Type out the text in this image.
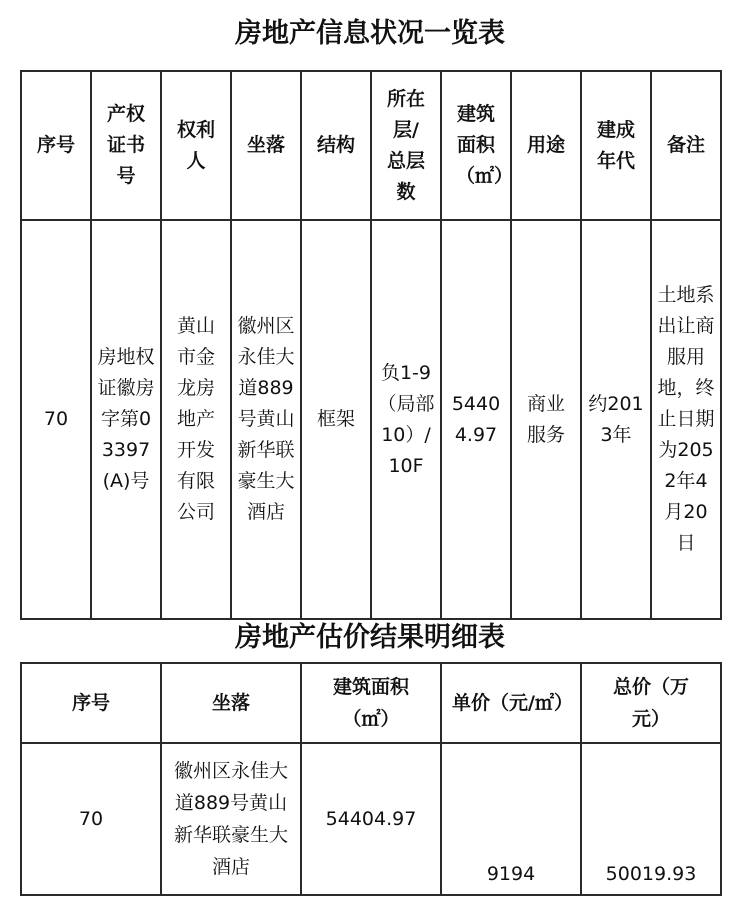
房地产信息状况一览表
序号	产权证书号	权利人	坐落	结构	所在层/总层数	建筑面积（㎡）	用途	建成年代	备注

70	房地权证徽房字第03397(A)号	黄山市金龙房地产开发有限公司	徽州区永佳大道889号黄山新华联豪生大酒店	框架	负1-9（局部10）/10F	54404.97	商业服务	约2013年	土地系出让商服用地，终止日期为2052年4月20日
房地产估价结果明细表
序号	坐落	建筑面积（㎡）	单价（元/㎡）	总价（万元）

70	徽州区永佳大道889号黄山新华联豪生大酒店	54404.97	9194	50019.93
